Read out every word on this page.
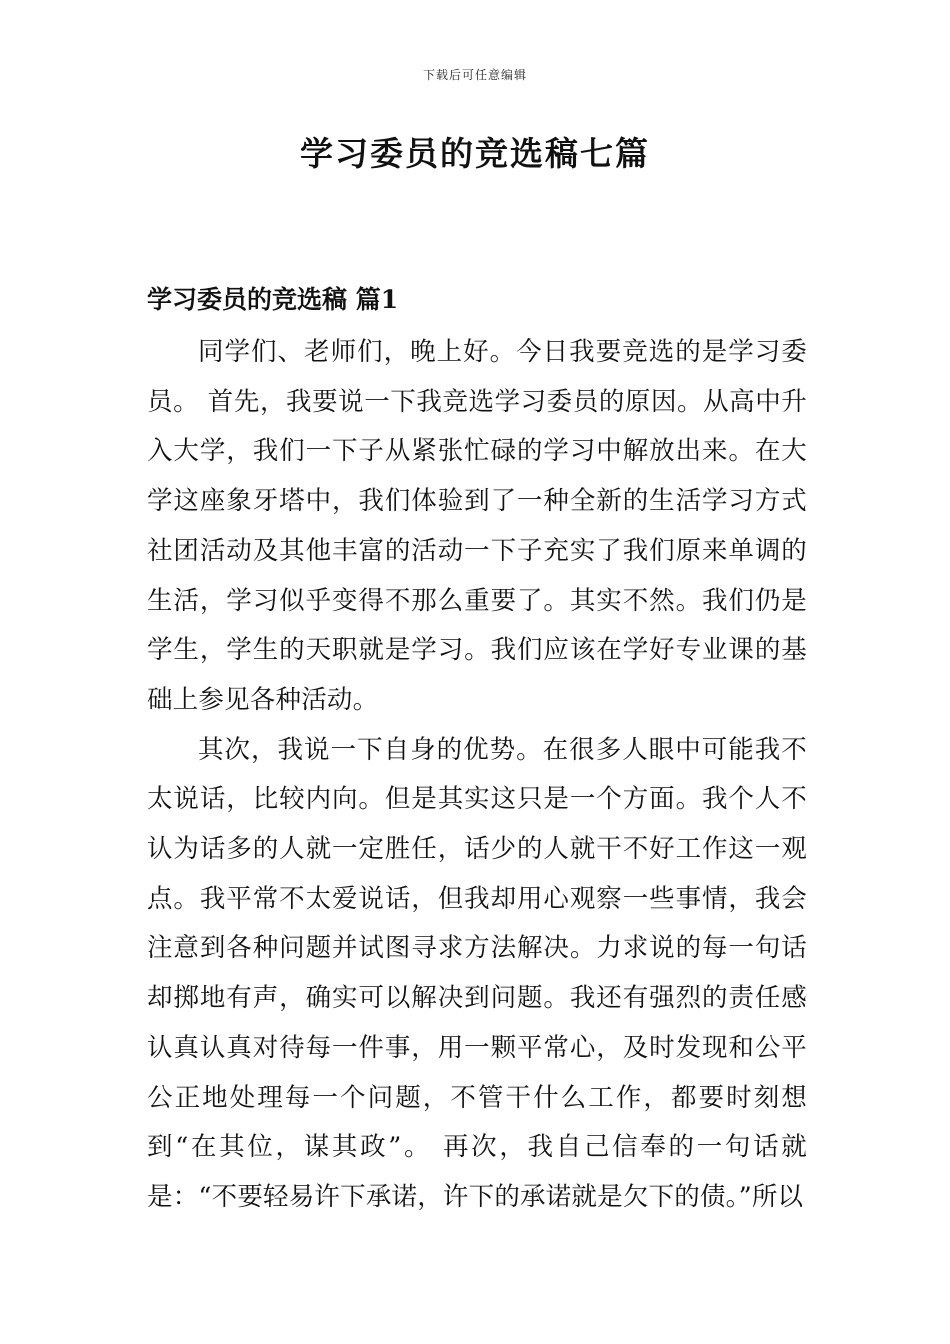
下载后可任意编辑
学习委员的竞选稿七篇
学习委员的竞选稿 篇1

同学们、老师们，晚上好。今日我要竞选的是学习委员。 首先，我要说一下我竞选学习委员的原因。从高中升入大学，我们一下子从紧张忙碌的学习中解放出来。在大学这座象牙塔中，我们体验到了一种全新的生活学习方式社团活动及其他丰富的活动一下子充实了我们原来单调的生活，学习似乎变得不那么重要了。其实不然。我们仍是学生，学生的天职就是学习。我们应该在学好专业课的基础上参见各种活动。

其次，我说一下自身的优势。在很多人眼中可能我不太说话，比较内向。但是其实这只是一个方面。我个人不认为话多的人就一定胜任，话少的人就干不好工作这一观点。我平常不太爱说话，但我却用心观察一些事情，我会注意到各种问题并试图寻求方法解决。力求说的每一句话却掷地有声，确实可以解决到问题。我还有强烈的责任感认真认真对待每一件事，用一颗平常心，及时发现和公平公正地处理每一个问题，不管干什么工作，都要时刻想到“在其位，谋其政”。 再次，我自己信奉的一句话就是：“不要轻易许下承诺，许下的承诺就是欠下的债。”所以
